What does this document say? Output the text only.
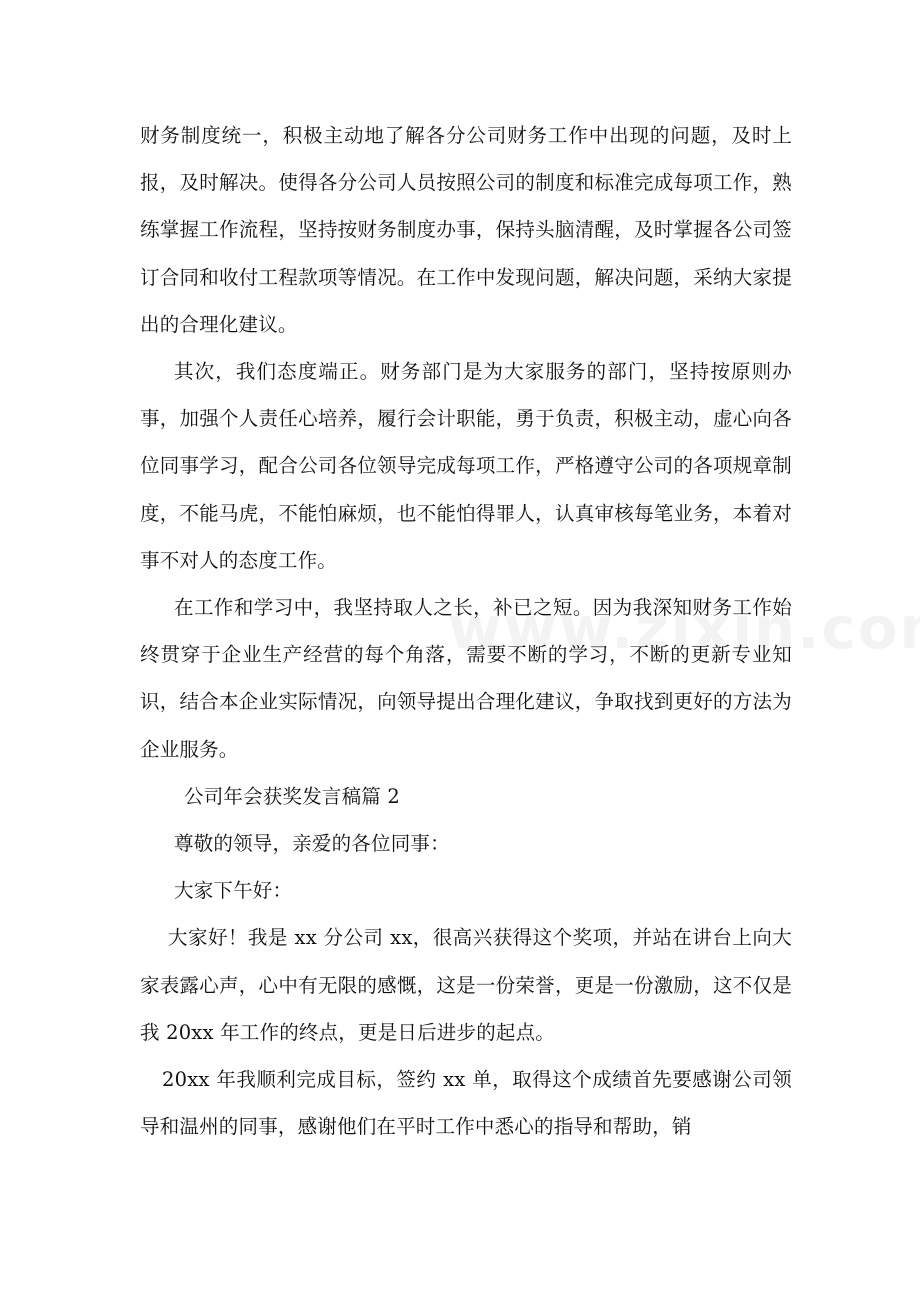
财务制度统一，积极主动地了解各分公司财务工作中出现的问题，及时上报，及时解决。使得各分公司人员按照公司的制度和标准完成每项工作，熟练掌握工作流程，坚持按财务制度办事，保持头脑清醒，及时掌握各公司签订合同和收付工程款项等情况。在工作中发现问题，解决问题，采纳大家提出的合理化建议。

其次，我们态度端正。财务部门是为大家服务的部门，坚持按原则办事，加强个人责任心培养，履行会计职能，勇于负责，积极主动，虚心向各位同事学习，配合公司各位领导完成每项工作，严格遵守公司的各项规章制度，不能马虎，不能怕麻烦，也不能怕得罪人，认真审核每笔业务，本着对事不对人的态度工作。

在工作和学习中，我坚持取人之长，补已之短。因为我深知财务工作始终贯穿于企业生产经营的每个角落，需要不断的学习，不断的更新专业知识，结合本企业实际情况，向领导提出合理化建议，争取找到更好的方法为企业服务。

公司年会获奖发言稿篇 2

尊敬的领导，亲爱的各位同事：

大家下午好：

大家好！我是 xx 分公司 xx，很高兴获得这个奖项，并站在讲台上向大家表露心声，心中有无限的感慨，这是一份荣誉，更是一份激励，这不仅是我 20xx 年工作的终点，更是日后进步的起点。

20xx 年我顺利完成目标，签约 xx 单，取得这个成绩首先要感谢公司领导和温州的同事，感谢他们在平时工作中悉心的指导和帮助，销
